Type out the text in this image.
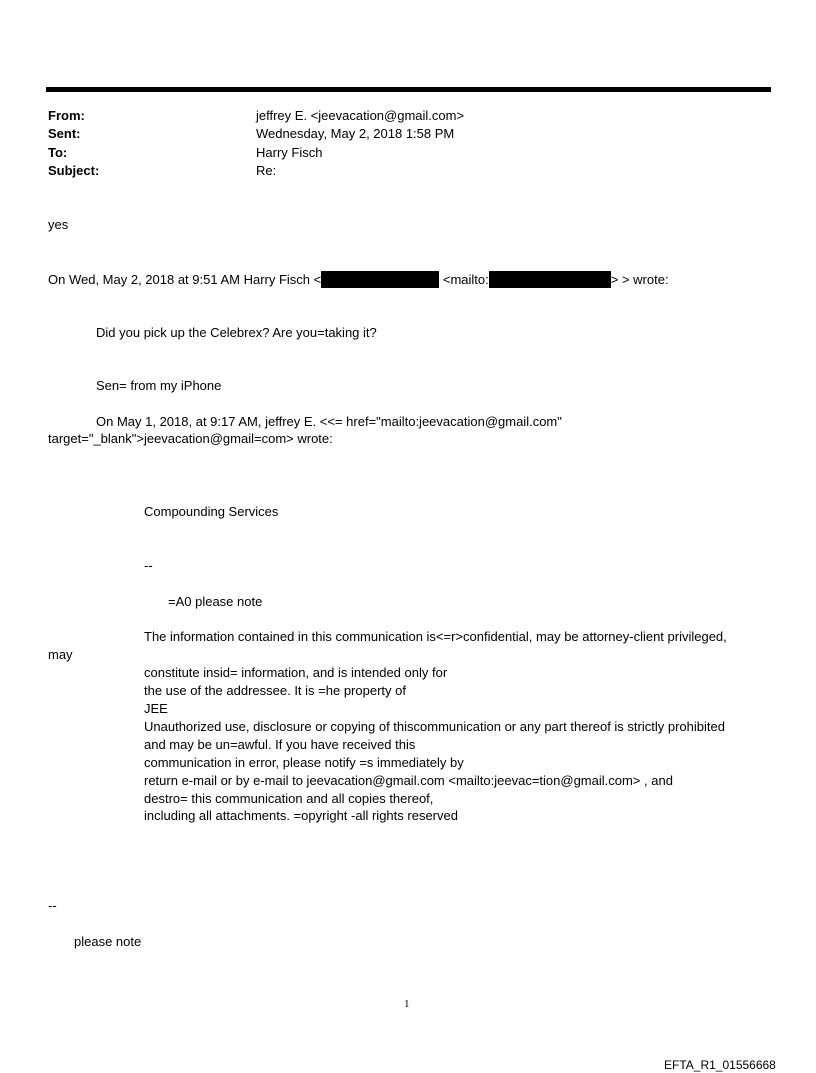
From:	jeffrey E. <jeevacation@gmail.com>
Sent:	Wednesday, May 2, 2018 1:58 PM
To:	Harry Fisch
Subject:	Re:
yes
On Wed, May 2, 2018 at 9:51 AM Harry Fisch <	<mailto:	> > wrote:
Did you pick up the Celebrex? Are you=taking it?
Sen= from my iPhone
On May 1, 2018, at 9:17 AM, jeffrey E. <<= href="mailto:jeevacation@gmail.com"
target="_blank">jeevacation@gmail=com> wrote:
Compounding Services
--
=A0 please note
The information contained in this communication is<=r>confidential, may be attorney-client privileged,
may
constitute insid= information, and is intended only for
the use of the addressee. It is =he property of
JEE
Unauthorized use, disclosure or copying of thiscommunication or any part thereof is strictly prohibited
and may be un=awful. If you have received this
communication in error, please notify =s immediately by
return e-mail or by e-mail to jeevacation@gmail.com <mailto:jeevac=tion@gmail.com> , and
destro= this communication and all copies thereof,
including all attachments. =opyright -all rights reserved
--
please note
1
EFTA_R1_01556668
